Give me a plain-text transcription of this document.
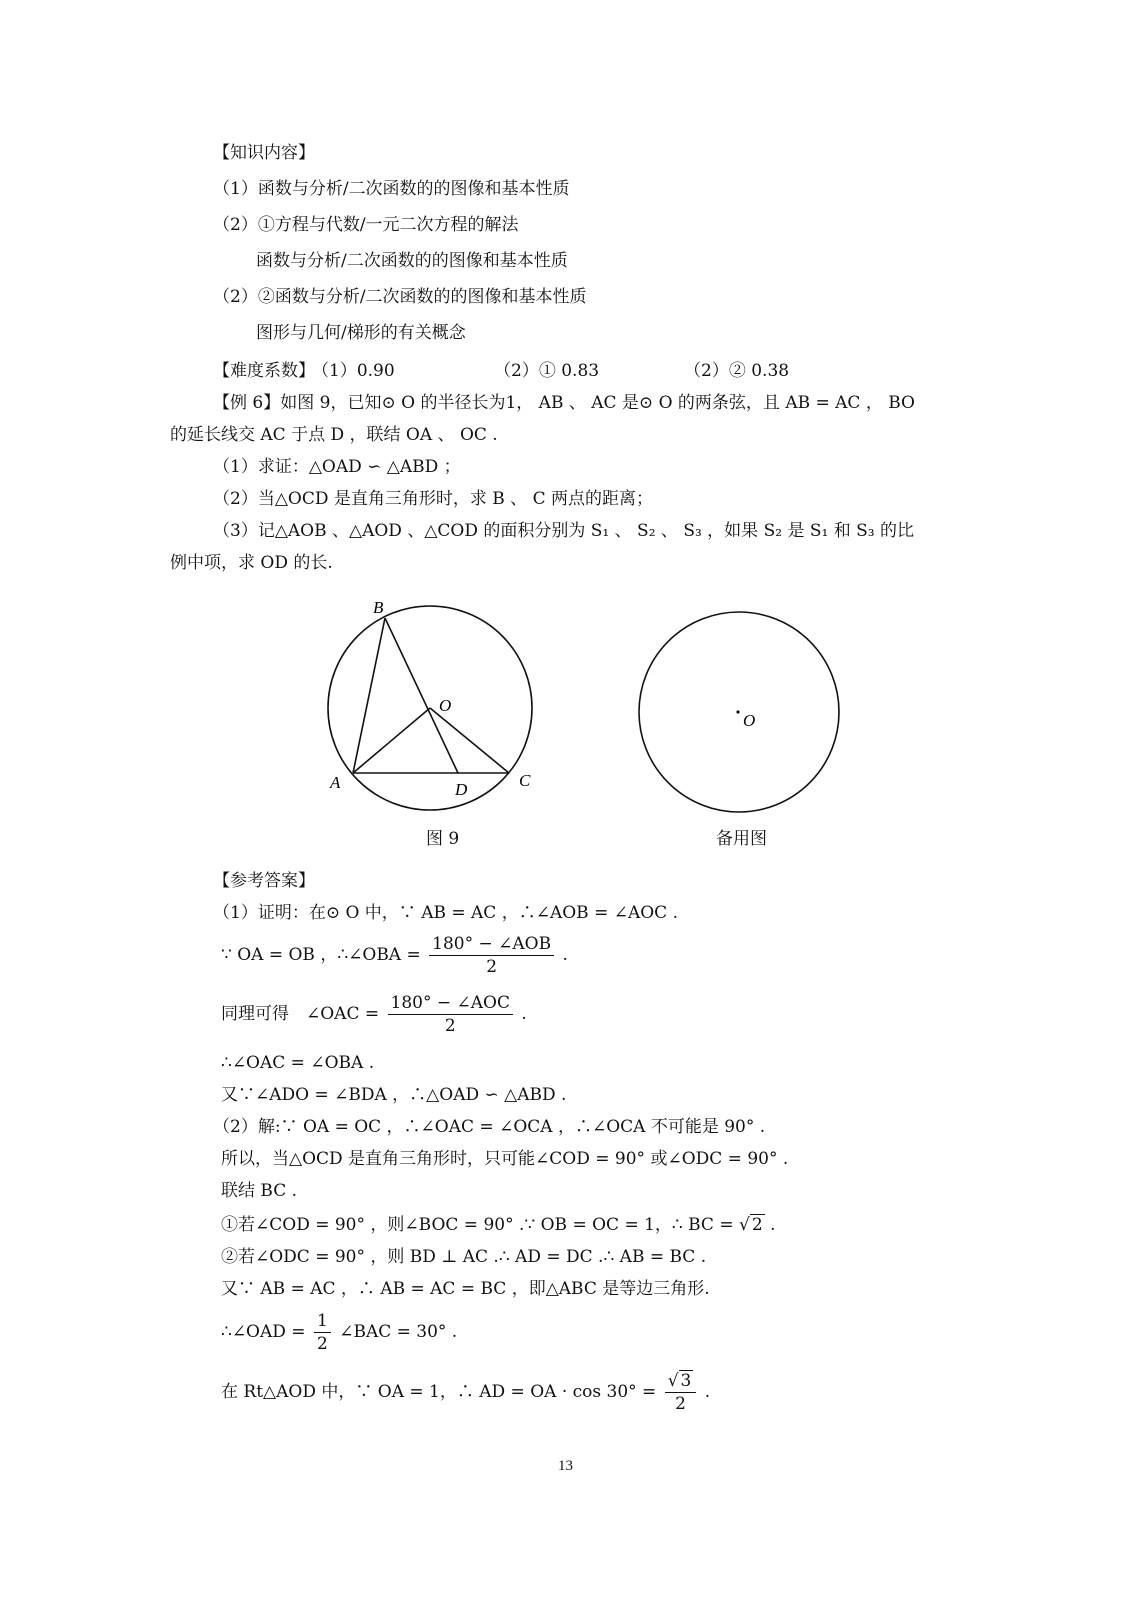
【知识内容】
（1）函数与分析/二次函数的的图像和基本性质
（2）①方程与代数/一元二次方程的解法
函数与分析/二次函数的的图像和基本性质
（2）②函数与分析/二次函数的的图像和基本性质
图形与几何/梯形的有关概念
【难度系数】
（1）0.90	（2）① 0.83	（2）② 0.38
【例 6】如图 9，已知⊙ O 的半径长为1， AB 、 AC 是⊙ O 的两条弦，且 AB = AC ， BO
的延长线交 AC 于点 D ，联结 OA 、 OC .
（1）求证：△OAD ∽ △ABD ；
（2）当△OCD 是直角三角形时，求 B 、 C 两点的距离；
（3）记△AOB 、△AOD 、△COD 的面积分别为 S₁ 、 S₂ 、 S₃ ，如果 S₂ 是 S₁ 和 S₃ 的比
例中项，求 OD 的长.
B
O
A	D	C
O
图 9	备用图
【参考答案】
（1）证明：在⊙ O 中，∵ AB = AC ，∴∠AOB = ∠AOC .
∵ OA = OB ，∴∠OBA = $\frac{\text{180° − ∠AOB}}{2}$ .
同理可得　∠OAC = $\frac{\text{180° − ∠AOC}}{2}$ .
∴∠OAC = ∠OBA .
又∵∠ADO = ∠BDA ，∴△OAD ∽ △ABD .
（2）解:∵ OA = OC ，∴∠OAC = ∠OCA ，∴∠OCA 不可能是 90° .
所以，当△OCD 是直角三角形时，只可能∠COD = 90° 或∠ODC = 90° .
联结 BC .
①若∠COD = 90° ，则∠BOC = 90° .∵ OB = OC = 1，∴ BC = √ 2 .
②若∠ODC = 90° ，则 BD ⊥ AC .∴ AD = DC .∴ AB = BC .
又∵ AB = AC ，∴ AB = AC = BC ，即△ABC 是等边三角形.
∴∠OAD = $\frac{1}{2}$ ∠BAC = 30° .
在 Rt△AOD 中，∵ OA = 1，∴ AD = OA · $\cos 30^\circ = \frac{√ 3}{2}$ .
13
